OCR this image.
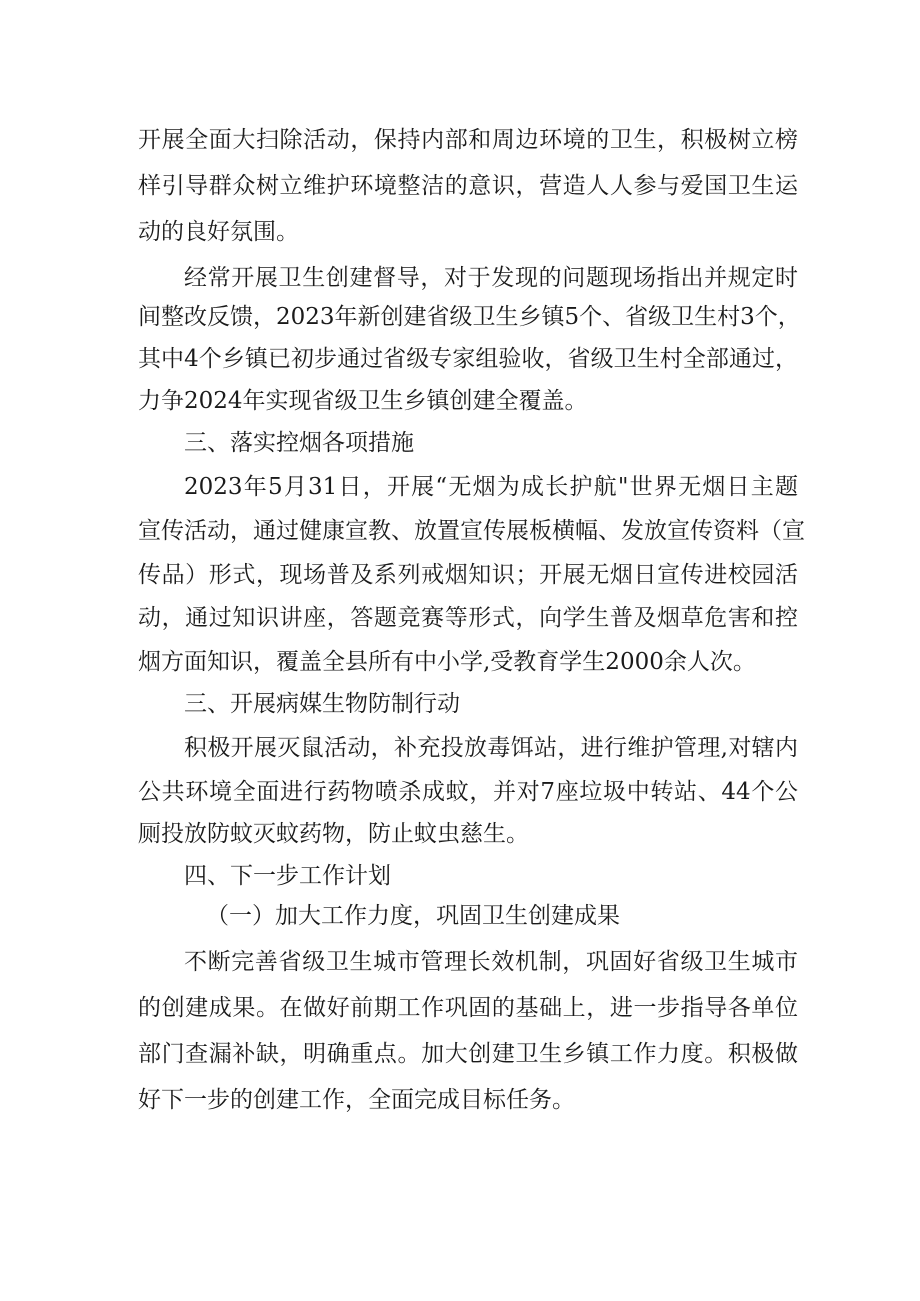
开展全面大扫除活动，保持内部和周边环境的卫生，积极树立榜
样引导群众树立维护环境整洁的意识，营造人人参与爱国卫生运
动的良好氛围。
经常开展卫生创建督导，对于发现的问题现场指出并规定时
间整改反馈，2023年新创建省级卫生乡镇5个、省级卫生村3个，
其中4个乡镇已初步通过省级专家组验收，省级卫生村全部通过，
力争2024年实现省级卫生乡镇创建全覆盖。
三、落实控烟各项措施
2023年5月31日，开展“无烟为成长护航"世界无烟日主题
宣传活动，通过健康宣教、放置宣传展板横幅、发放宣传资料（宣
传品）形式，现场普及系列戒烟知识；开展无烟日宣传进校园活
动，通过知识讲座，答题竞赛等形式，向学生普及烟草危害和控
烟方面知识，覆盖全县所有中小学,受教育学生2000余人次。
三、开展病媒生物防制行动
积极开展灭鼠活动，补充投放毒饵站，进行维护管理,对辖内
公共环境全面进行药物喷杀成蚊，并对7座垃圾中转站、44个公
厕投放防蚊灭蚊药物，防止蚊虫慈生。
四、下一步工作计划
（一）加大工作力度，巩固卫生创建成果
不断完善省级卫生城市管理长效机制，巩固好省级卫生城市
的创建成果。在做好前期工作巩固的基础上，进一步指导各单位
部门查漏补缺，明确重点。加大创建卫生乡镇工作力度。积极做
好下一步的创建工作，全面完成目标任务。
